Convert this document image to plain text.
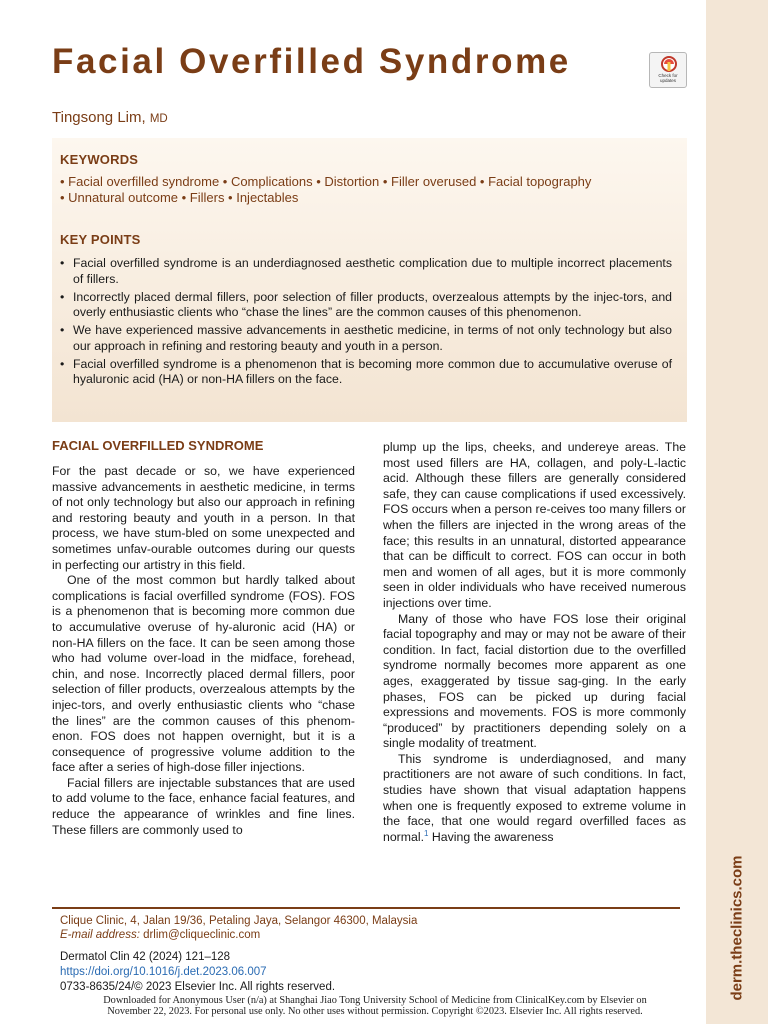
derm.theclinics.com
Facial Overfilled Syndrome	Check for
updates
Tingsong Lim, MD
KEYWORDS
• Facial overfilled syndrome • Complications • Distortion • Filler overused • Facial topography
• Unnatural outcome • Fillers • Injectables
KEY POINTS
• Facial overfilled syndrome is an underdiagnosed aesthetic complication due to multiple incorrect placements of fillers.
• Incorrectly placed dermal fillers, poor selection of filler products, overzealous attempts by the injec-tors, and overly enthusiastic clients who “chase the lines” are the common causes of this phenomenon.
• We have experienced massive advancements in aesthetic medicine, in terms of not only technology but also our approach in refining and restoring beauty and youth in a person.
• Facial overfilled syndrome is a phenomenon that is becoming more common due to accumulative overuse of hyaluronic acid (HA) or non-HA fillers on the face.
FACIAL OVERFILLED SYNDROME

For the past decade or so, we have experienced massive advancements in aesthetic medicine, in terms of not only technology but also our approach in refining and restoring beauty and youth in a person. In that process, we have stum-bled on some unexpected and sometimes unfav-ourable outcomes during our quests in perfecting our artistry in this field.

One of the most common but hardly talked about complications is facial overfilled syndrome (FOS). FOS is a phenomenon that is becoming more common due to accumulative overuse of hy-aluronic acid (HA) or non-HA fillers on the face. It can be seen among those who had volume over-load in the midface, forehead, chin, and nose. Incorrectly placed dermal fillers, poor selection of filler products, overzealous attempts by the injec-tors, and overly enthusiastic clients who “chase the lines” are the common causes of this phenom-enon. FOS does not happen overnight, but it is a consequence of progressive volume addition to the face after a series of high-dose filler injections.

Facial fillers are injectable substances that are used to add volume to the face, enhance facial features, and reduce the appearance of wrinkles and fine lines. These fillers are commonly used to

plump up the lips, cheeks, and undereye areas. The most used fillers are HA, collagen, and poly-L-lactic acid. Although these fillers are generally considered safe, they can cause complications if used excessively. FOS occurs when a person re-ceives too many fillers or when the fillers are injected in the wrong areas of the face; this results in an unnatural, distorted appearance that can be difficult to correct. FOS can occur in both men and women of all ages, but it is more commonly seen in older individuals who have received numerous injections over time.

Many of those who have FOS lose their original facial topography and may or may not be aware of their condition. In fact, facial distortion due to the overfilled syndrome normally becomes more apparent as one ages, exaggerated by tissue sag-ging. In the early phases, FOS can be picked up during facial expressions and movements. FOS is more commonly “produced” by practitioners depending solely on a single modality of treatment.

This syndrome is underdiagnosed, and many practitioners are not aware of such conditions. In fact, studies have shown that visual adaptation happens when one is frequently exposed to extreme volume in the face, that one would regard overfilled faces as normal.$^1$ Having the awareness

Clique Clinic, 4, Jalan 19/36, Petaling Jaya, Selangor 46300, Malaysia
E-mail address: drlim@cliqueclinic.com
Dermatol Clin 42 (2024) 121–128
https://doi.org/10.1016/j.det.2023.06.007
0733-8635/24/© 2023 Elsevier Inc. All rights reserved.
Downloaded for Anonymous User (n/a) at Shanghai Jiao Tong University School of Medicine from ClinicalKey.com by Elsevier on
November 22, 2023. For personal use only. No other uses without permission. Copyright ©2023. Elsevier Inc. All rights reserved.
